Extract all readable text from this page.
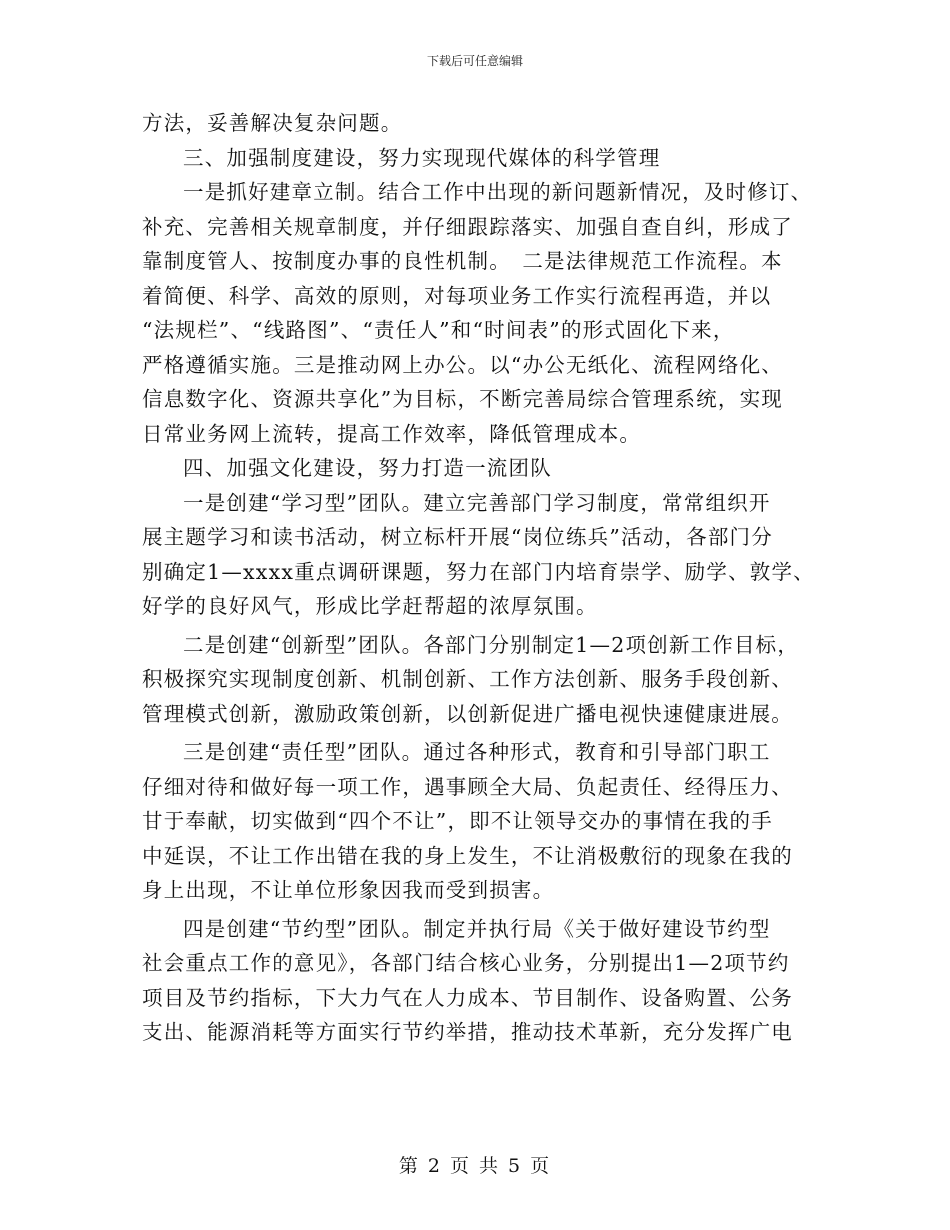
下载后可任意编辑
方法，妥善解决复杂问题。
三、加强制度建设，努力实现现代媒体的科学管理
一是抓好建章立制。结合工作中出现的新问题新情况，及时修订、
补充、完善相关规章制度，并仔细跟踪落实、加强自查自纠，形成了
靠制度管人、按制度办事的良性机制。　二是法律规范工作流程。本
着简便、科学、高效的原则，对每项业务工作实行流程再造，并以
“法规栏”、“线路图”、“责任人”和“时间表”的形式固化下来，
严格遵循实施。三是推动网上办公。以“办公无纸化、流程网络化、
信息数字化、资源共享化”为目标，不断完善局综合管理系统，实现
日常业务网上流转，提高工作效率，降低管理成本。
四、加强文化建设，努力打造一流团队
一是创建“学习型”团队。建立完善部门学习制度，常常组织开
展主题学习和读书活动，树立标杆开展“岗位练兵”活动，各部门分
别确定1—xxxx重点调研课题，努力在部门内培育崇学、励学、敦学、
好学的良好风气，形成比学赶帮超的浓厚氛围。
二是创建“创新型”团队。各部门分别制定1—2项创新工作目标，
积极探究实现制度创新、机制创新、工作方法创新、服务手段创新、
管理模式创新，激励政策创新，以创新促进广播电视快速健康进展。
三是创建“责任型”团队。通过各种形式，教育和引导部门职工
仔细对待和做好每一项工作，遇事顾全大局、负起责任、经得压力、
甘于奉献，切实做到“四个不让”，即不让领导交办的事情在我的手
中延误，不让工作出错在我的身上发生，不让消极敷衍的现象在我的
身上出现，不让单位形象因我而受到损害。
四是创建“节约型”团队。制定并执行局《关于做好建设节约型
社会重点工作的意见》，各部门结合核心业务，分别提出1—2项节约
项目及节约指标，下大力气在人力成本、节目制作、设备购置、公务
支出、能源消耗等方面实行节约举措，推动技术革新，充分发挥广电
第 2 页 共 5 页
